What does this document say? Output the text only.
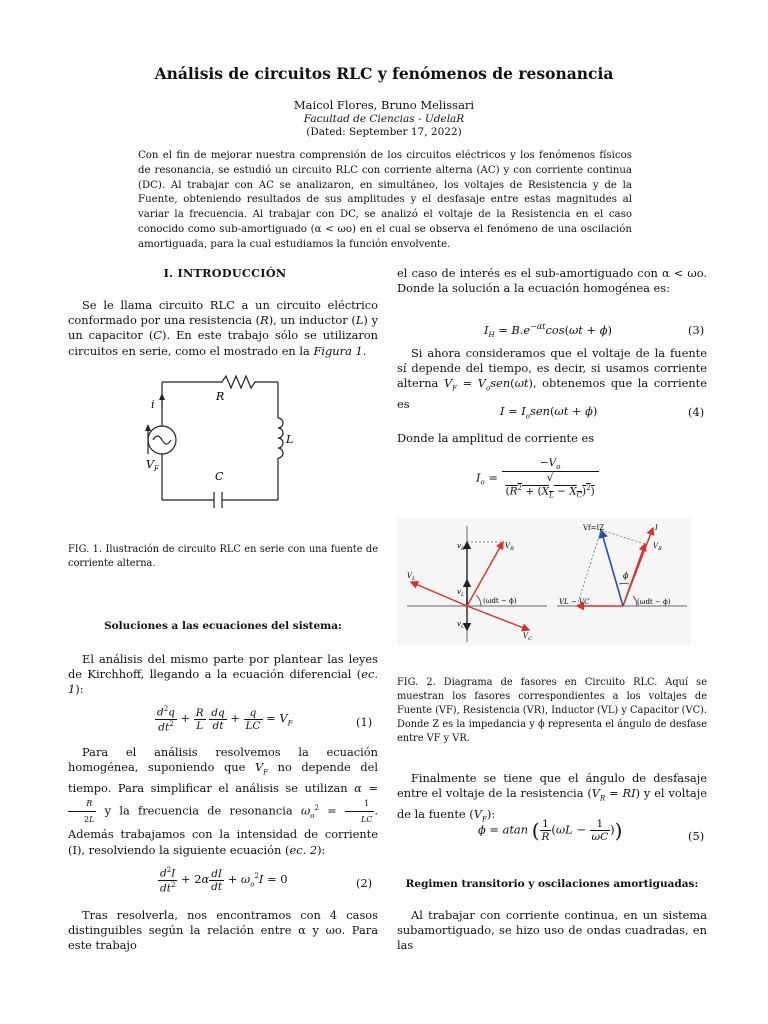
Análisis de circuitos RLC y fenómenos de resonancia
Maicol Flores, Bruno Melissari
Facultad de Ciencias - UdelaR
(Dated: September 17, 2022)
Con el fin de mejorar nuestra comprensión de los circuitos eléctricos y los fenómenos físicos de resonancia, se estudió un circuito RLC con corriente alterna (AC) y con corriente continua (DC). Al trabajar con AC se analizaron, en simultáneo, los voltajes de Resistencia y de la Fuente, obteniendo resultados de sus amplitudes y el desfasaje entre estas magnitudes al variar la frecuencia. Al trabajar con DC, se analizó el voltaje de la Resistencia en el caso conocido como sub-amortiguado (α < ωo) en el cual se observa el fenómeno de una oscilación amortiguada, para la cual estudiamos la función envolvente.
I. INTRODUCCIÓN
Se le llama circuito RLC a un circuito eléctrico conformado por una resistencia (R), un inductor (L) y un capacitor (C). En este trabajo sólo se utilizaron circuitos en serie, como el mostrado en la Figura 1.
R
L
C
i
$V_F$
FIG. 1. Ilustración de circuito RLC en serie con una fuente de corriente alterna.
Soluciones a las ecuaciones del sistema:
El análisis del mismo parte por plantear las leyes de Kirchhoff, llegando a la ecuación diferencial (ec. 1):
$\frac{d^2q}{dt^2} + \frac{R}{L}$
$\frac{dq}{dt} + \frac{q}{LC} = V_F$	(1)
Para el análisis resolvemos la ecuación homogénea, suponiendo que $V_F$ no depende del tiempo. Para simplificar el análisis se utilizan α =
$\frac{R}{2L}$ y la frecuencia de resonancia $\omega_o^2 = \frac{1}{LC}$ . Además trabajamos con la intensidad de corriente (I), resolviendo la siguiente ecuación (ec. 2):
$\frac{d^2I}{dt^2} + 2\alpha \frac{dI}{dt} + \omega_o^2I = 0$	(2)
Tras resolverla, nos encontramos con 4 casos distinguibles según la relación entre α y ωo. Para este trabajo
el caso de interés es el sub-amortiguado con α < ωo. Donde la solución a la ecuación homogénea es:
$I_H = B.e^{-\alpha t}\cos(\omega t + \phi)$	(3)
Si ahora consideramos que el voltaje de la fuente sí depende del tiempo, es decir, si usamos corriente alterna $V_F = V_osen(\omega t)$, obtenemos que la corriente es
$I = I_osen(\omega t + \phi)$	(4)
Donde la amplitud de corriente es
$I_o = -V_o$
√
$(R^2 + (X_L - X_C)^2)$
$v_R$	$V_R$
$V_L$
$v_L$
$v_C$
$V_C$
(ωdt − ϕ)
Vf=IZ	I
$V_R$
ϕ
VL − VC	(ωdt − ϕ)
FIG. 2. Diagrama de fasores en Circuito RLC. Aquí se muestran los fasores correspondientes a los voltajes de Fuente (VF), Resistencia (VR), Inductor (VL) y Capacitor (VC). Donde Z es la impedancia y ϕ representa el ángulo de desfase entre VF y VR.
Finalmente se tiene que el ángulo de desfasaje entre el voltaje de la resistencia $(V_R = RI)$ y el voltaje de la fuente $(V_F)$:
ϕ = atan ( $\frac{1}{R} (\omega L - \frac{1}{\omega C}$ ))	(5)
Regimen transitorio y oscilaciones amortiguadas:
Al trabajar con corriente continua, en un sistema subamortiguado, se hizo uso de ondas cuadradas, en las
